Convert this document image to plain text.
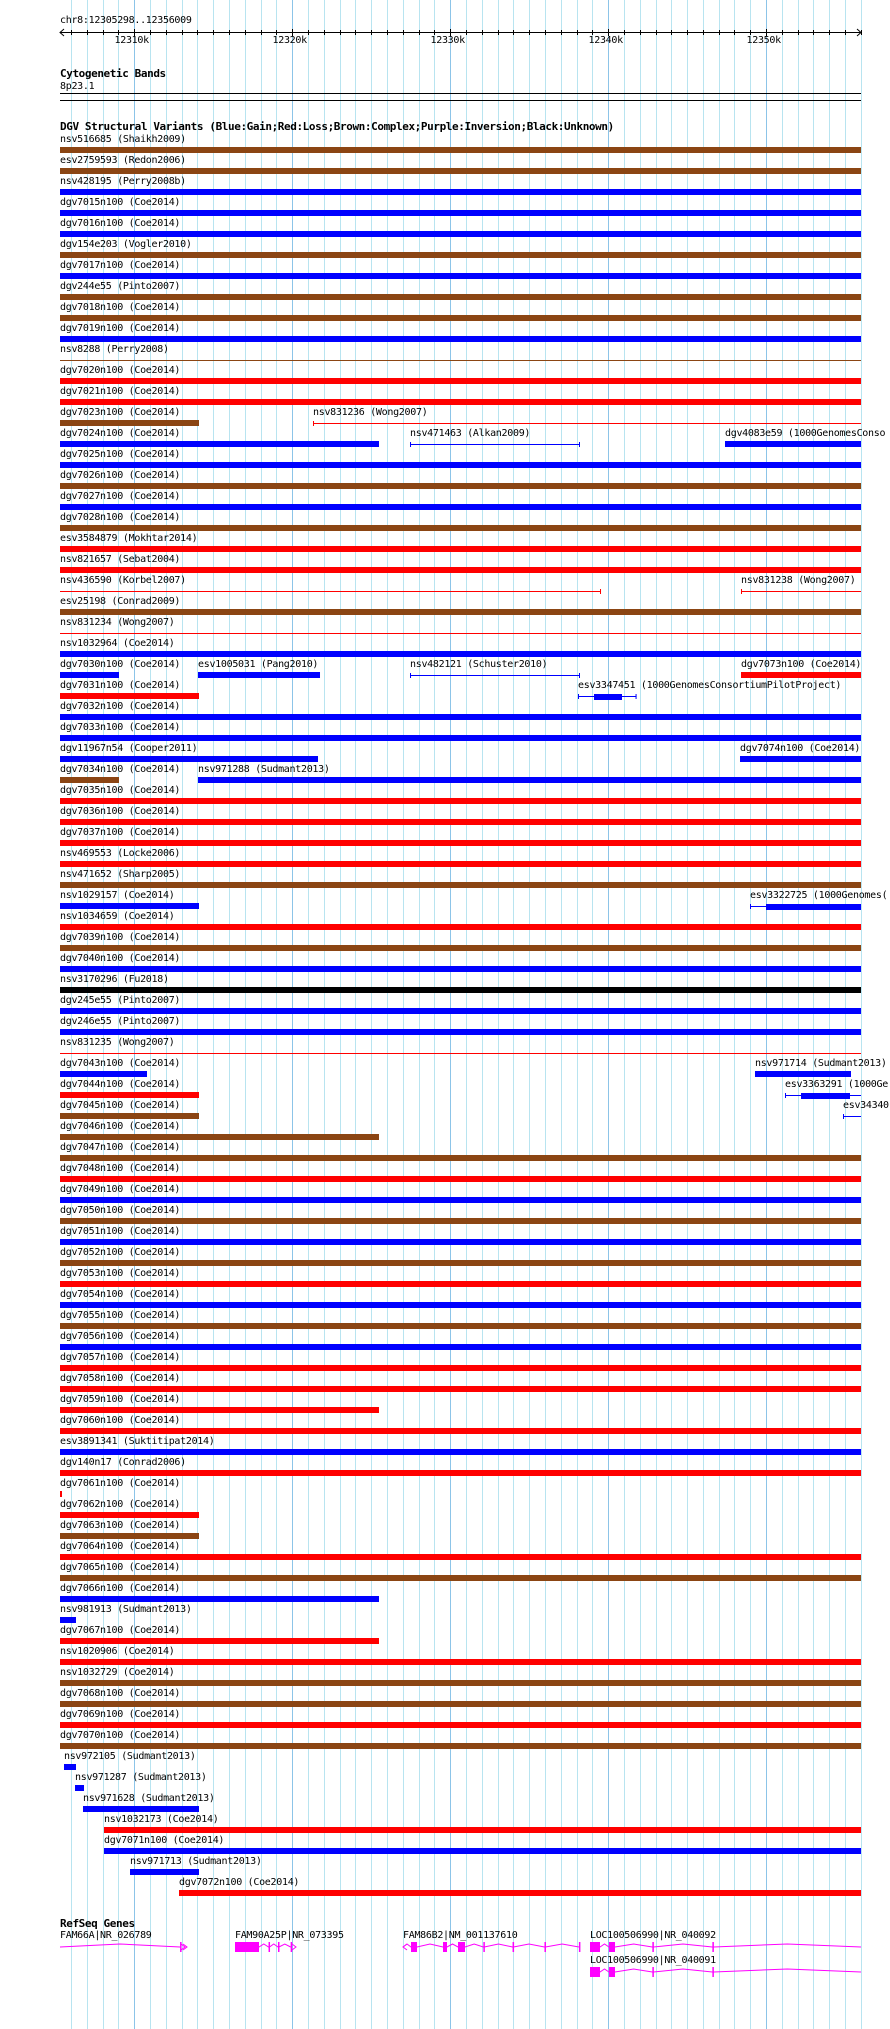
chr8:12305298..12356009
12310k	12320k	12330k	12340k	12350k
Cytogenetic Bands
8p23.1
DGV Structural Variants (Blue:Gain;Red:Loss;Brown:Complex;Purple:Inversion;Black:Unknown)
nsv516685 (Shaikh2009)
esv2759593 (Redon2006)
nsv428195 (Perry2008b)
dgv7015n100 (Coe2014)
dgv7016n100 (Coe2014)
dgv154e203 (Vogler2010)
dgv7017n100 (Coe2014)
dgv244e55 (Pinto2007)
dgv7018n100 (Coe2014)
dgv7019n100 (Coe2014)
nsv8288 (Perry2008)
dgv7020n100 (Coe2014)
dgv7021n100 (Coe2014)
dgv7023n100 (Coe2014)	nsv831236 (Wong2007)
dgv7024n100 (Coe2014)	nsv471463 (Alkan2009)	dgv4083e59 (1000GenomesConso
dgv7025n100 (Coe2014)
dgv7026n100 (Coe2014)
dgv7027n100 (Coe2014)
dgv7028n100 (Coe2014)
esv3584879 (Mokhtar2014)
nsv821657 (Sebat2004)
nsv436590 (Korbel2007)	nsv831238 (Wong2007)
esv25198 (Conrad2009)
nsv831234 (Wong2007)
nsv1032964 (Coe2014)
dgv7030n100 (Coe2014) esv1005031 (Pang2010)	nsv482121 (Schuster2010)	dgv7073n100 (Coe2014)
dgv7031n100 (Coe2014)	esv3347451 (1000GenomesConsortiumPilotProject)
dgv7032n100 (Coe2014)
dgv7033n100 (Coe2014)
dgv11967n54 (Cooper2011)	dgv7074n100 (Coe2014)
dgv7034n100 (Coe2014) nsv971288 (Sudmant2013)
dgv7035n100 (Coe2014)
dgv7036n100 (Coe2014)
dgv7037n100 (Coe2014)
nsv469553 (Locke2006)
nsv471652 (Sharp2005)
nsv1029157 (Coe2014)	esv3322725 (1000Genomes(
nsv1034659 (Coe2014)
dgv7039n100 (Coe2014)
dgv7040n100 (Coe2014)
nsv3170296 (Fu2018)
dgv245e55 (Pinto2007)
dgv246e55 (Pinto2007)
nsv831235 (Wong2007)
dgv7043n100 (Coe2014)	nsv971714 (Sudmant2013)
dgv7044n100 (Coe2014)	esv3363291 (1000Ge
dgv7045n100 (Coe2014)	esv34340
dgv7046n100 (Coe2014)
dgv7047n100 (Coe2014)
dgv7048n100 (Coe2014)
dgv7049n100 (Coe2014)
dgv7050n100 (Coe2014)
dgv7051n100 (Coe2014)
dgv7052n100 (Coe2014)
dgv7053n100 (Coe2014)
dgv7054n100 (Coe2014)
dgv7055n100 (Coe2014)
dgv7056n100 (Coe2014)
dgv7057n100 (Coe2014)
dgv7058n100 (Coe2014)
dgv7059n100 (Coe2014)
dgv7060n100 (Coe2014)
esv3891341 (Suktitipat2014)
dgv140n17 (Conrad2006)
dgv7061n100 (Coe2014)
dgv7062n100 (Coe2014)
dgv7063n100 (Coe2014)
dgv7064n100 (Coe2014)
dgv7065n100 (Coe2014)
dgv7066n100 (Coe2014)
nsv981913 (Sudmant2013)
dgv7067n100 (Coe2014)
nsv1020906 (Coe2014)
nsv1032729 (Coe2014)
dgv7068n100 (Coe2014)
dgv7069n100 (Coe2014)
dgv7070n100 (Coe2014)
nsv972105 (Sudmant2013)
nsv971287 (Sudmant2013)
nsv971628 (Sudmant2013)
nsv1032173 (Coe2014)
dgv7071n100 (Coe2014)
nsv971713 (Sudmant2013)
dgv7072n100 (Coe2014)
RefSeq Genes
FAM66A|NR_026789	FAM90A25P|NR_073395	FAM86B2|NM_001137610	LOC100506990|NR_040092
LOC100506990|NR_040091
